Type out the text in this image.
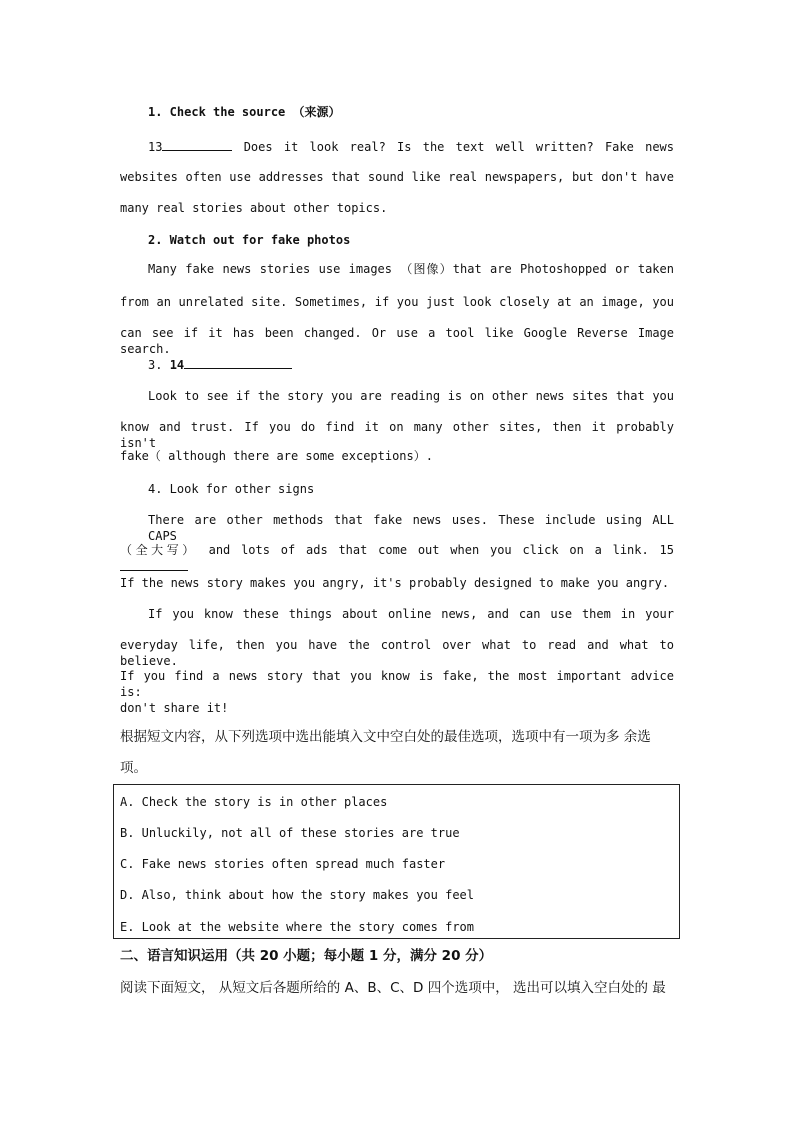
1. Check the source （来源）
13	Does it look real? Is the text well written? Fake news
websites often use addresses that sound like real newspapers, but don't have
many real stories about other topics.
2. Watch out for fake photos
Many fake news stories use images （图像）that are Photoshopped or taken
from an unrelated site. Sometimes, if you just look closely at an image, you
can see if it has been changed. Or use a tool like Google Reverse Image search.
3. 14
Look to see if the story you are reading is on other news sites that you
know and trust. If you do find it on many other sites, then it probably isn't
fake（ although there are some exceptions）.
4. Look for other signs
There are other methods that fake news uses. These include using ALL CAPS
（全大写） and lots of ads that come out when you click on a link. 15
If the news story makes you angry, it's probably designed to make you angry.
If you know these things about online news, and can use them in your
everyday life, then you have the control over what to read and what to believe.
If you find a news story that you know is fake, the most important advice is:
don't share it!
根据短文内容，从下列选项中选出能填入文中空白处的最佳选项，选项中有一项为多 余选
项。
A. Check the story is in other places
B. Unluckily, not all of these stories are true
C. Fake news stories often spread much faster
D. Also, think about how the story makes you feel
E. Look at the website where the story comes from
二、语言知识运用（共 20 小题；每小题 1 分，满分 20 分）
阅读下面短文， 从短文后各题所给的 A、B、C、D 四个选项中， 选出可以填入空白处的 最
